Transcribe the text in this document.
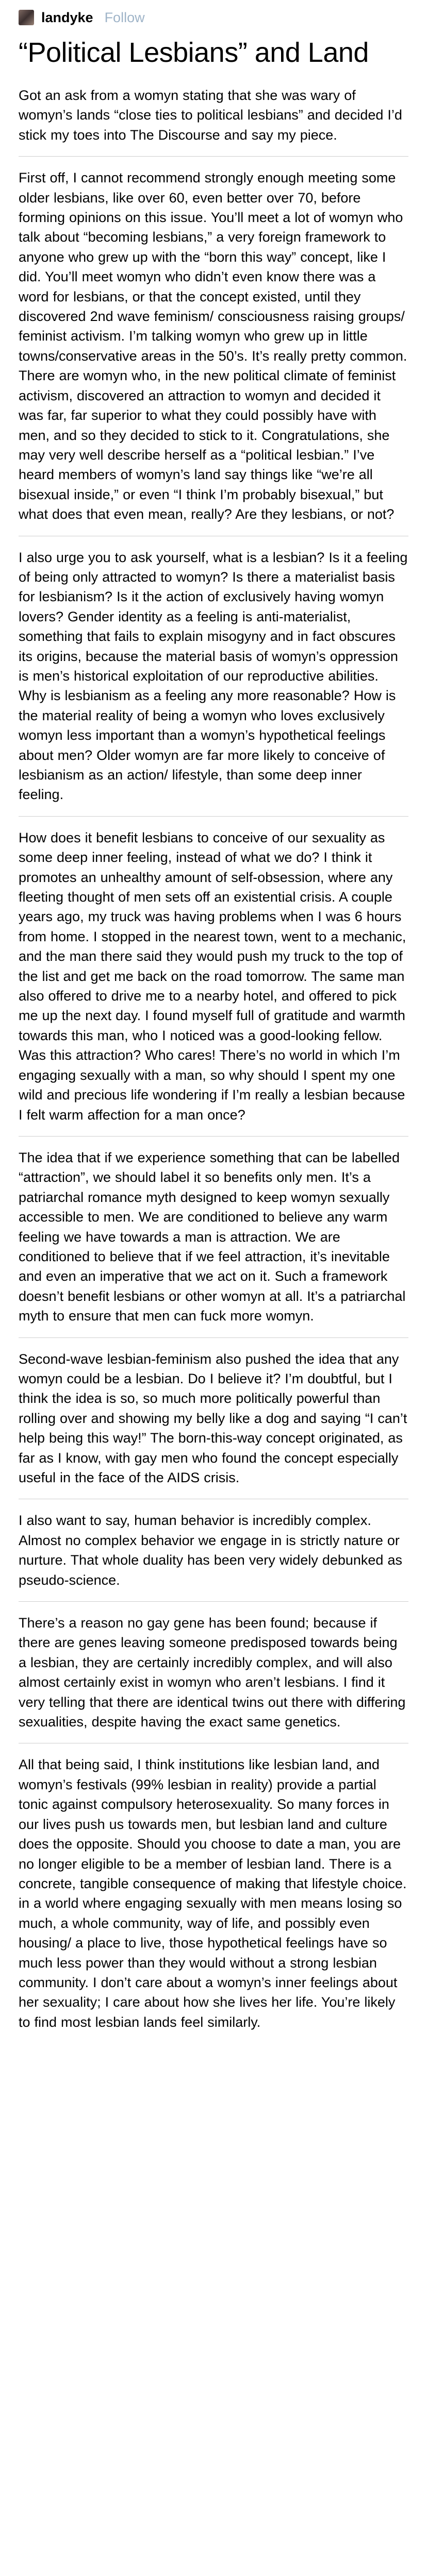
landyke Follow
“Political Lesbians” and Land

Got an ask from a womyn stating that she was wary of womyn’s lands “close ties to political lesbians” and decided I’d stick my toes into The Discourse and say my piece.

First off, I cannot recommend strongly enough meeting some older lesbians, like over 60, even better over 70, before forming opinions on this issue. You’ll meet a lot of womyn who talk about “becoming lesbians,” a very foreign framework to anyone who grew up with the “born this way” concept, like I did. You’ll meet womyn who didn’t even know there was a word for lesbians, or that the concept existed, until they discovered 2nd wave feminism/ consciousness raising groups/ feminist activism. I’m talking womyn who grew up in little towns/conservative areas in the 50’s. It’s really pretty common. There are womyn who, in the new political climate of feminist activism, discovered an attraction to womyn and decided it was far, far superior to what they could possibly have with men, and so they decided to stick to it. Congratulations, she may very well describe herself as a “political lesbian.” I’ve heard members of womyn’s land say things like “we’re all bisexual inside,” or even “I think I’m probably bisexual,” but what does that even mean, really? Are they lesbians, or not?

I also urge you to ask yourself, what is a lesbian? Is it a feeling of being only attracted to womyn? Is there a materialist basis for lesbianism? Is it the action of exclusively having womyn lovers? Gender identity as a feeling is anti-materialist, something that fails to explain misogyny and in fact obscures its origins, because the material basis of womyn’s oppression is men’s historical exploitation of our reproductive abilities. Why is lesbianism as a feeling any more reasonable? How is the material reality of being a womyn who loves exclusively womyn less important than a womyn’s hypothetical feelings about men? Older womyn are far more likely to conceive of lesbianism as an action/ lifestyle, than some deep inner feeling.

How does it benefit lesbians to conceive of our sexuality as some deep inner feeling, instead of what we do? I think it promotes an unhealthy amount of self-obsession, where any fleeting thought of men sets off an existential crisis. A couple years ago, my truck was having problems when I was 6 hours from home. I stopped in the nearest town, went to a mechanic, and the man there said they would push my truck to the top of the list and get me back on the road tomorrow. The same man also offered to drive me to a nearby hotel, and offered to pick me up the next day. I found myself full of gratitude and warmth towards this man, who I noticed was a good-looking fellow. Was this attraction? Who cares! There’s no world in which I’m engaging sexually with a man, so why should I spent my one wild and precious life wondering if I’m really a lesbian because I felt warm affection for a man once?

The idea that if we experience something that can be labelled “attraction”, we should label it so benefits only men. It’s a patriarchal romance myth designed to keep womyn sexually accessible to men. We are conditioned to believe any warm feeling we have towards a man is attraction. We are conditioned to believe that if we feel attraction, it’s inevitable and even an imperative that we act on it. Such a framework doesn’t benefit lesbians or other womyn at all. It’s a patriarchal myth to ensure that men can fuck more womyn.

Second-wave lesbian-feminism also pushed the idea that any womyn could be a lesbian. Do I believe it? I’m doubtful, but I think the idea is so, so much more politically powerful than rolling over and showing my belly like a dog and saying “I can’t help being this way!” The born-this-way concept originated, as far as I know, with gay men who found the concept especially useful in the face of the AIDS crisis.

I also want to say, human behavior is incredibly complex. Almost no complex behavior we engage in is strictly nature or nurture. That whole duality has been very widely debunked as pseudo-science.

There’s a reason no gay gene has been found; because if there are genes leaving someone predisposed towards being a lesbian, they are certainly incredibly complex, and will also almost certainly exist in womyn who aren’t lesbians. I find it very telling that there are identical twins out there with differing sexualities, despite having the exact same genetics.

All that being said, I think institutions like lesbian land, and womyn’s festivals (99% lesbian in reality) provide a partial tonic against compulsory heterosexuality. So many forces in our lives push us towards men, but lesbian land and culture does the opposite. Should you choose to date a man, you are no longer eligible to be a member of lesbian land. There is a concrete, tangible consequence of making that lifestyle choice. in a world where engaging sexually with men means losing so much, a whole community, way of life, and possibly even housing/ a place to live, those hypothetical feelings have so much less power than they would without a strong lesbian community. I don’t care about a womyn’s inner feelings about her sexuality; I care about how she lives her life. You’re likely to find most lesbian lands feel similarly.
